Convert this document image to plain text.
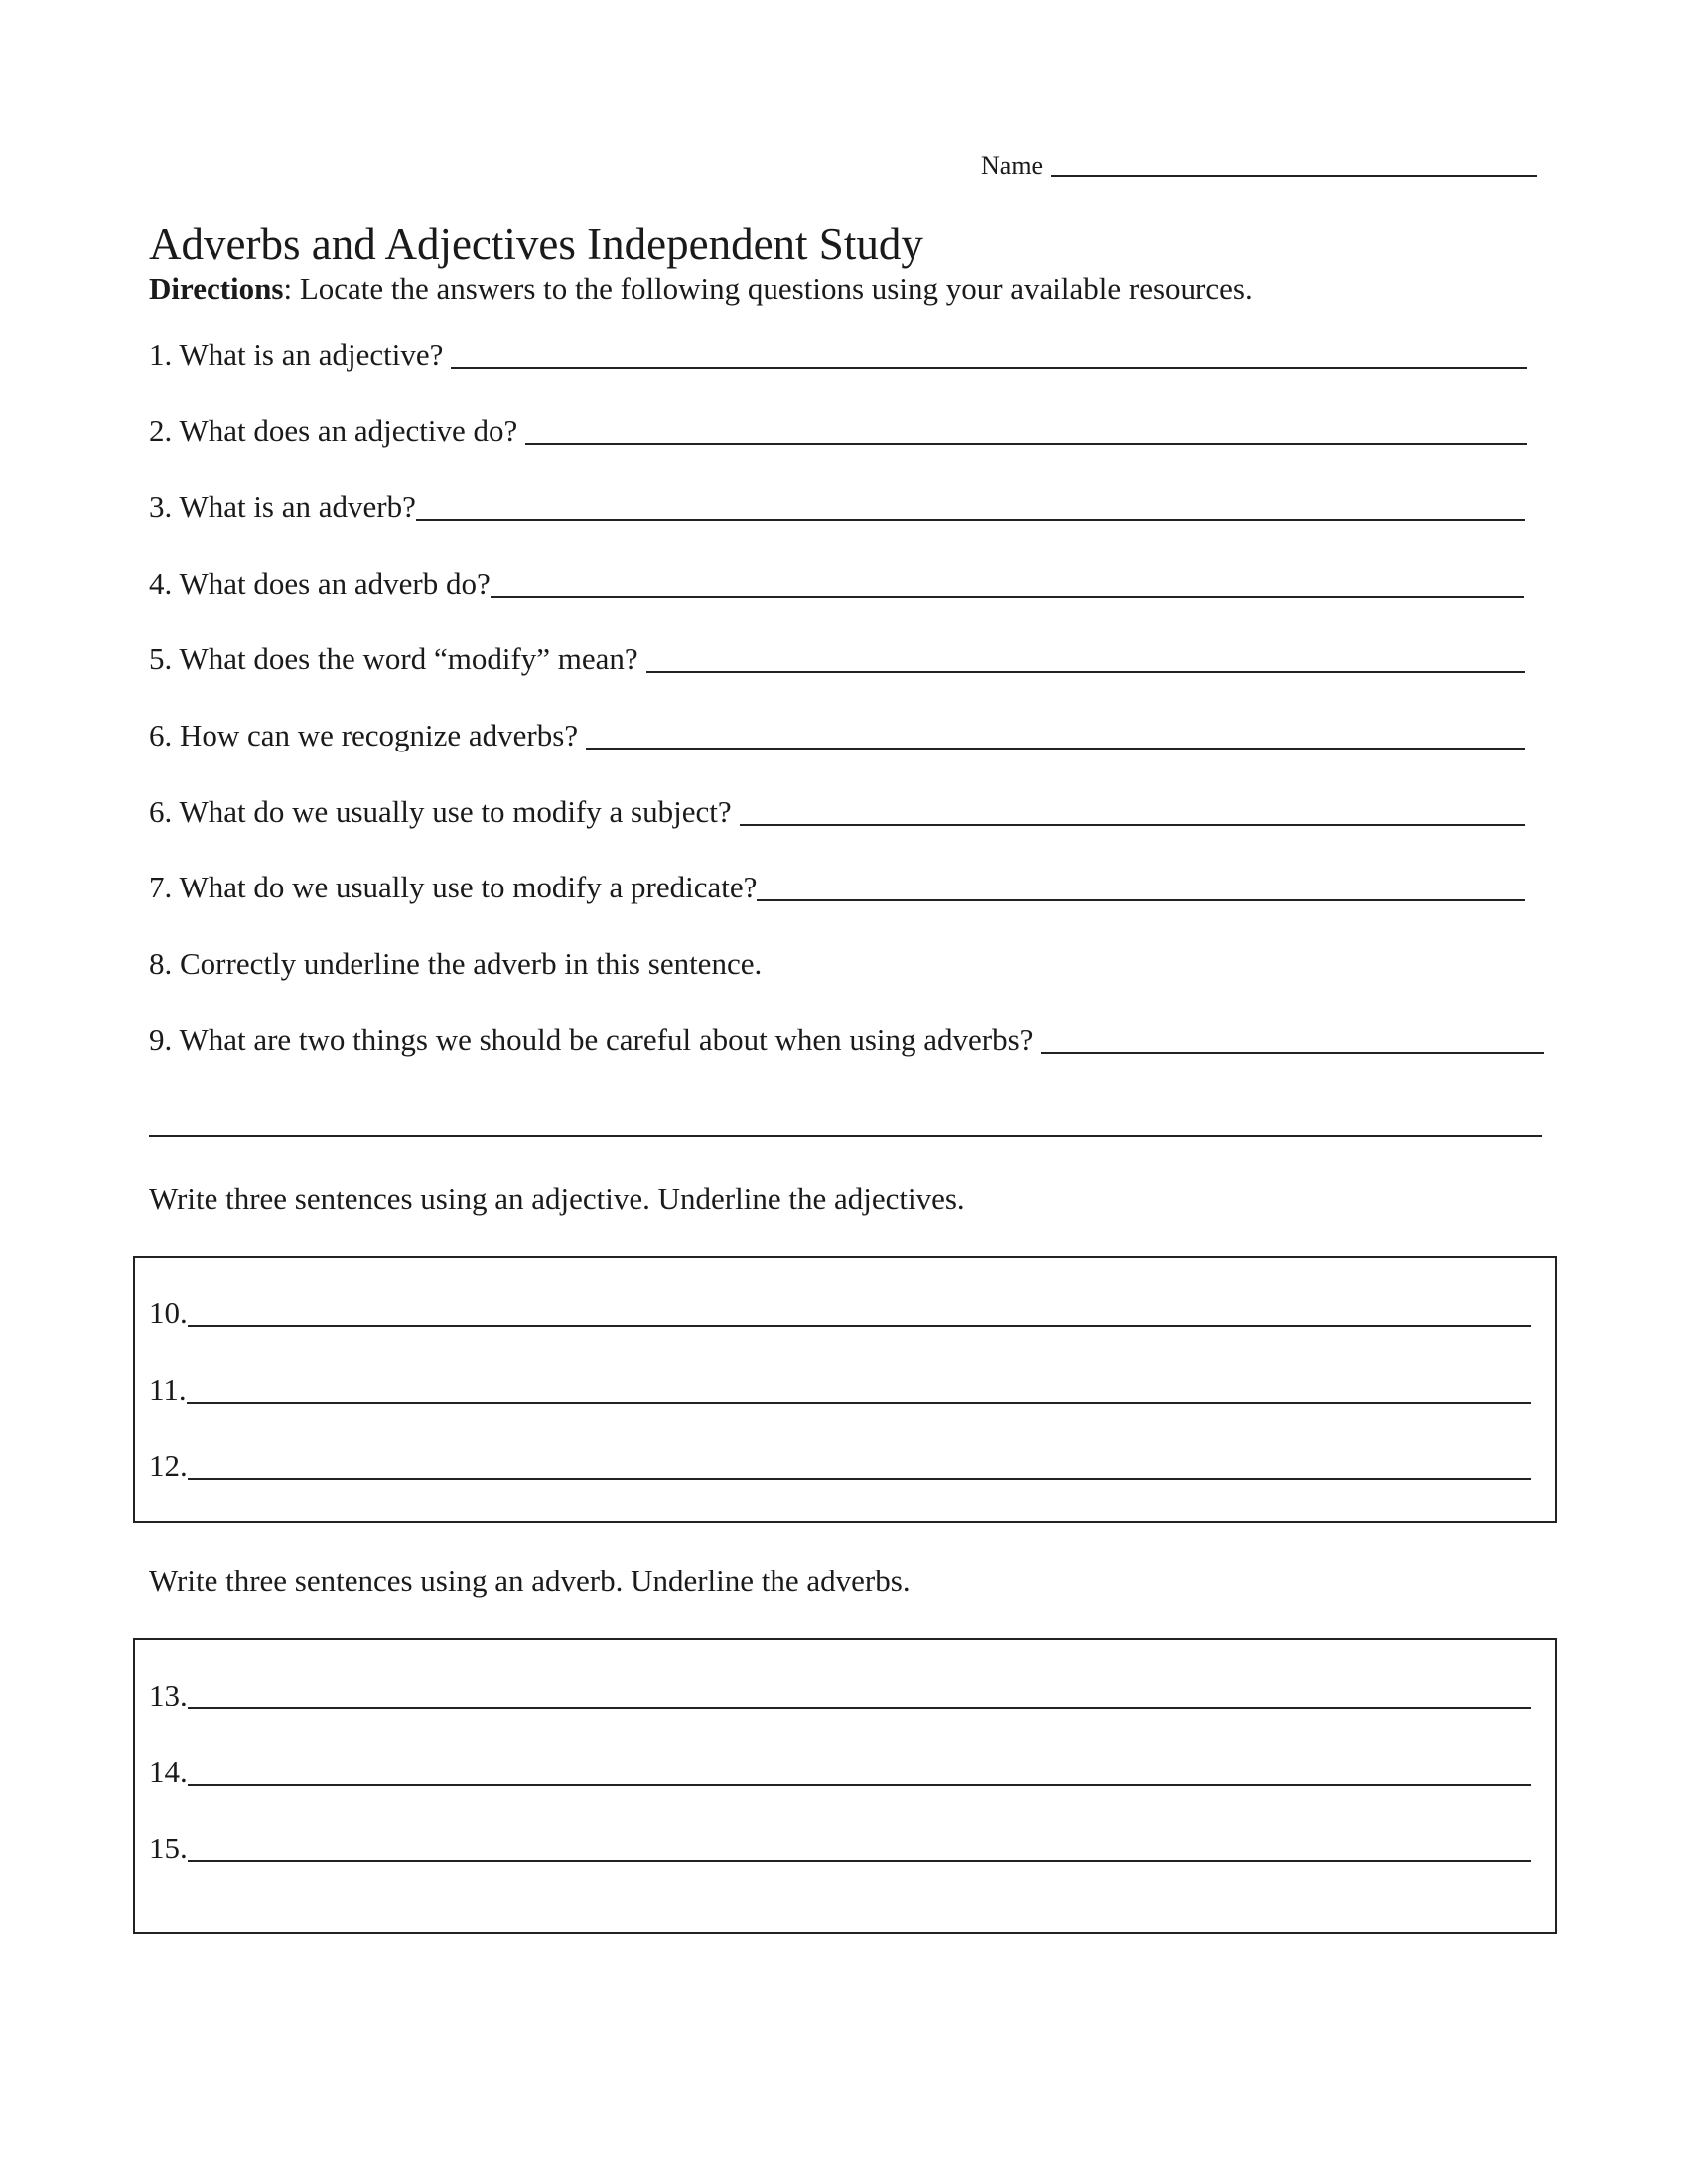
Name
Adverbs and Adjectives Independent Study
Directions: Locate the answers to the following questions using your available resources.
1. What is an adjective?
2. What does an adjective do?
3. What is an adverb?
4. What does an adverb do?
5. What does the word “modify” mean?
6. How can we recognize adverbs?
6. What do we usually use to modify a subject?
7. What do we usually use to modify a predicate?
8. Correctly underline the adverb in this sentence.
9. What are two things we should be careful about when using adverbs?
Write three sentences using an adjective. Underline the adjectives.
10.
11.
12.
Write three sentences using an adverb. Underline the adverbs.
13.
14.
15.
